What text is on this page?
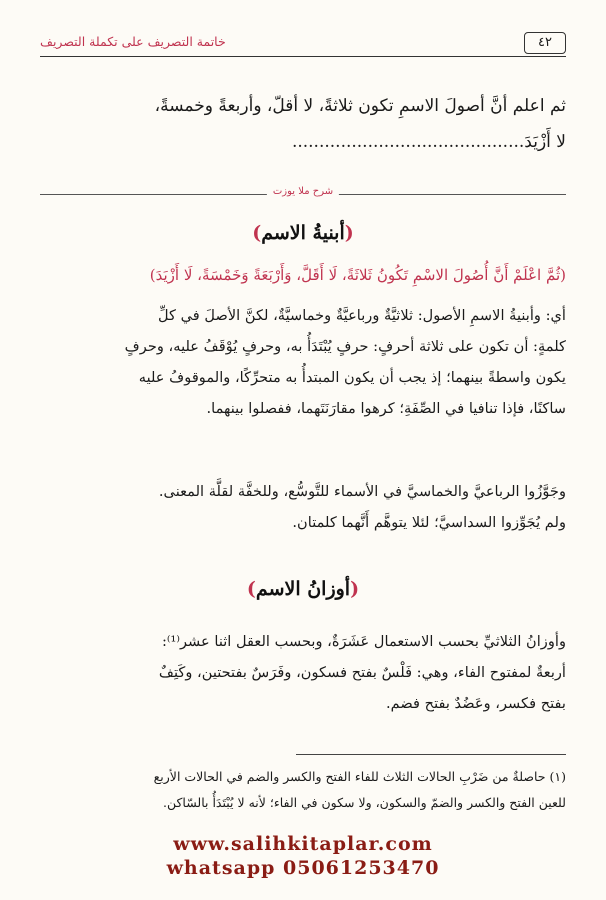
٤٢
خاتمة التصريف على تكملة التصريف
ثم اعلم أنَّ أصولَ الاسمِ تكون ثلاثةً، لا أقلّ، وأربعةً وخمسةً،
لا أَزْيَدَ...........................................
شرح ملا يوزت
(أبنيةُ الاسم)
(ثُمَّ اعْلَمْ أَنَّ أُصُولَ الاسْمِ تَكُونُ ثَلاثَةً، لَا أَقَلَّ، وَأَرْبَعَةً وَخَمْسَةً، لَا أَزْيَدَ)
أي: وأبنيةُ الاسمِ الأصول: ثلاثيَّةٌ ورباعيَّةٌ وخماسيَّةٌ، لكنَّ الأصلَ في كلِّ
كلمةٍ: أن تكون على ثلاثة أحرفٍ: حرفٍ يُبْتَدَأُ به، وحرفٍ يُوْقَفُ عليه، وحرفٍ
يكون واسطةً بينهما؛ إذ يجب أن يكون المبتدأُ به متحرِّكًا، والموقوفُ عليه
ساكنًا، فإذا تنافيا في الصِّفَةِ؛ كرهوا مقارَنَتَهما، ففصلوا بينهما.
وجَوَّزُوا الرباعيَّ والخماسيَّ في الأسماء للتَّوسُّع، وللخفَّة لقلَّة المعنى.
ولم يُجَوِّزوا السداسيَّ؛ لئلا يتوهَّم أَنَّهما كلمتان.
(أوزانُ الاسم)
وأوزانُ الثلاثيِّ بحسب الاستعمال عَشَرَةٌ، وبحسب العقل اثنا عشر⁽¹⁾:
أربعةٌ لمفتوح الفاء، وهي: فَلْسٌ بفتح فسكون، وفَرَسٌ بفتحتين، وكَتِفٌ
بفتح فكسر، وعَضُدٌ بفتح فضم.
(١) حاصلةٌ من ضَرْبِ الحالات الثلاث للفاء الفتح والكسر والضم في الحالات الأربع
للعين الفتح والكسر والضمّ والسكون، ولا سكون في الفاء؛ لأنه لا يُبْتَدَأُ بالسّاكن.
www.salihkitaplar.com
whatsapp 05061253470
